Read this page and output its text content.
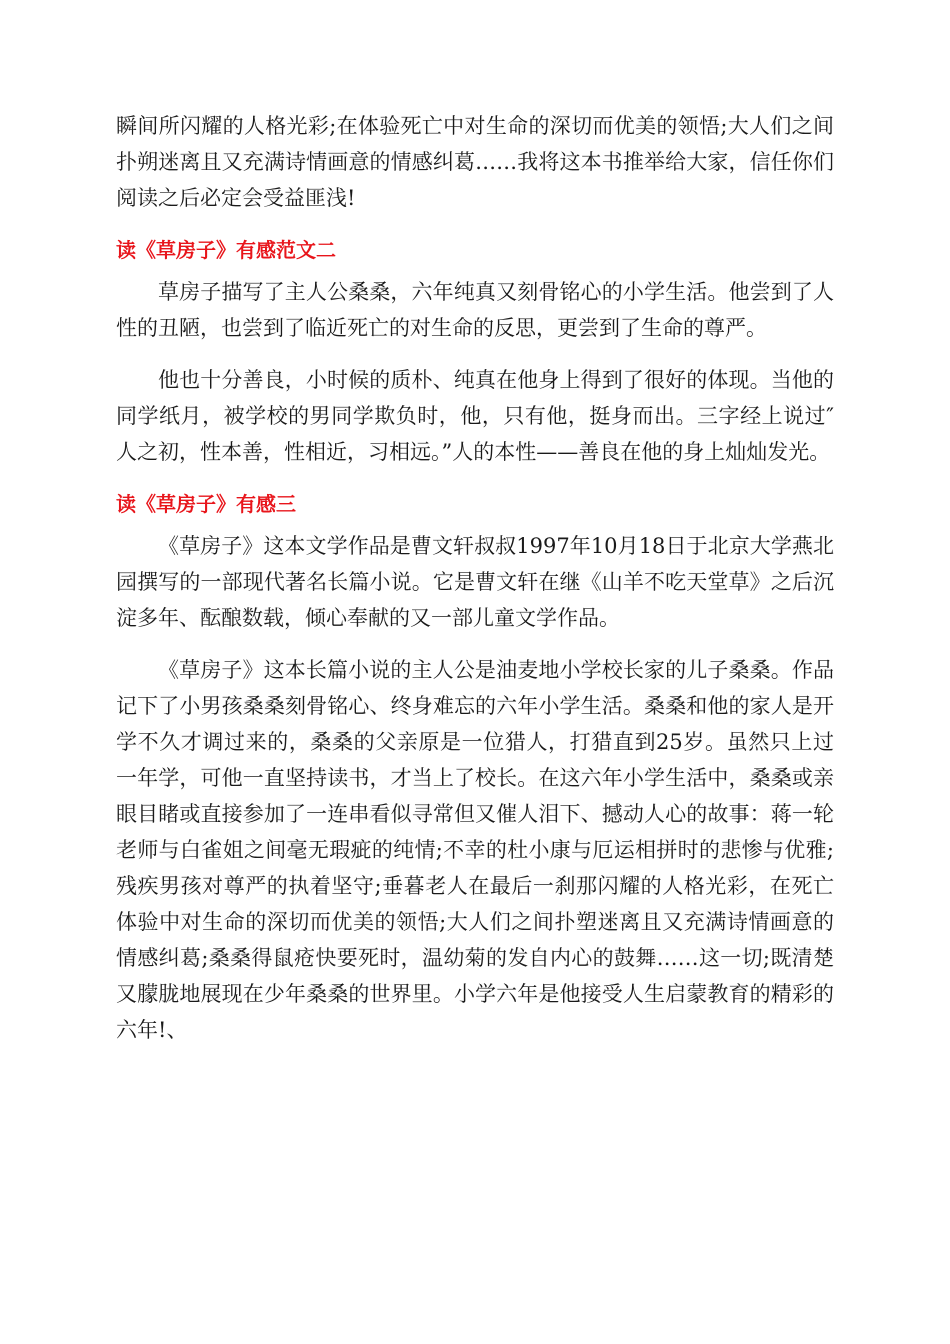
瞬间所闪耀的人格光彩;在体验死亡中对生命的深切而优美的领悟;大人们之间扑朔迷离且又充满诗情画意的情感纠葛……我将这本书推举给大家，信任你们阅读之后必定会受益匪浅!

读《草房子》有感范文二

草房子描写了主人公桑桑，六年纯真又刻骨铭心的小学生活。他尝到了人性的丑陋，也尝到了临近死亡的对生命的反思，更尝到了生命的尊严。

他也十分善良，小时候的质朴、纯真在他身上得到了很好的体现。当他的同学纸月，被学校的男同学欺负时，他，只有他，挺身而出。三字经上说过″人之初，性本善，性相近，习相远。”人的本性——善良在他的身上灿灿发光。

读《草房子》有感三

《草房子》这本文学作品是曹文轩叔叔1997年10月18日于北京大学燕北园撰写的一部现代著名长篇小说。它是曹文轩在继《山羊不吃天堂草》之后沉淀多年、酝酿数载，倾心奉献的又一部儿童文学作品。

《草房子》这本长篇小说的主人公是油麦地小学校长家的儿子桑桑。作品记下了小男孩桑桑刻骨铭心、终身难忘的六年小学生活。桑桑和他的家人是开学不久才调过来的，桑桑的父亲原是一位猎人，打猎直到25岁。虽然只上过一年学，可他一直坚持读书，才当上了校长。在这六年小学生活中，桑桑或亲眼目睹或直接参加了一连串看似寻常但又催人泪下、撼动人心的故事：蒋一轮老师与白雀姐之间毫无瑕疵的纯情;不幸的杜小康与厄运相拼时的悲惨与优雅;残疾男孩对尊严的执着坚守;垂暮老人在最后一刹那闪耀的人格光彩，在死亡体验中对生命的深切而优美的领悟;大人们之间扑塑迷离且又充满诗情画意的情感纠葛;桑桑得鼠疮快要死时，温幼菊的发自内心的鼓舞……这一切;既清楚又朦胧地展现在少年桑桑的世界里。小学六年是他接受人生启蒙教育的精彩的六年!、
